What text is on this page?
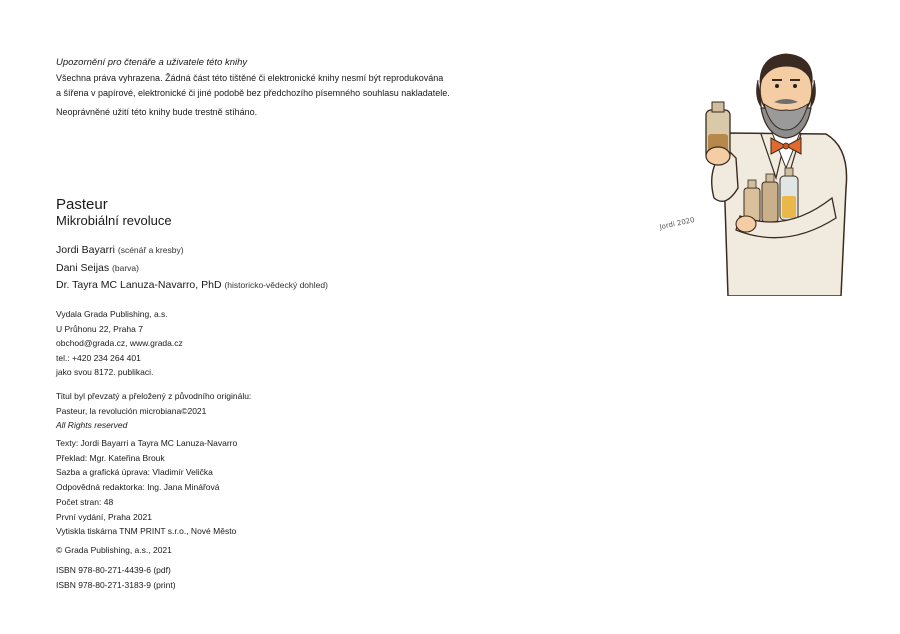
Upozornění pro čtenáře a uživatele této knihy

Všechna práva vyhrazena. Žádná část této tištěné či elektronické knihy nesmí být reprodukována

a šířena v papírové, elektronické či jiné podobě bez předchozího písemného souhlasu nakladatele.

Neoprávněné užití této knihy bude trestně stíháno.

Pasteur
Mikrobiální revoluce
Jordi Bayarri (scénář a kresby)
Dani Seijas (barva)
Dr. Tayra MC Lanuza-Navarro, PhD (historicko-vědecký dohled)
Vydala Grada Publishing, a.s.
U Průhonu 22, Praha 7
obchod@grada.cz, www.grada.cz
tel.: +420 234 264 401
jako svou 8172. publikaci.
Titul byl převzatý a přeložený z původního originálu:
Pasteur, la revolución microbiana©2021
All Rights reserved
Texty: Jordi Bayarri a Tayra MC Lanuza-Navarro
Překlad: Mgr. Kateřina Brouk
Sazba a grafická úprava: Vladimír Velička
Odpovědná redaktorka: Ing. Jana Minářová
Počet stran: 48
První vydání, Praha 2021
Vytiskla tiskárna TNM PRINT s.r.o., Nové Město
© Grada Publishing, a.s., 2021
ISBN 978-80-271-4439-6 (pdf)
ISBN 978-80-271-3183-9 (print)
Jordi 2020
